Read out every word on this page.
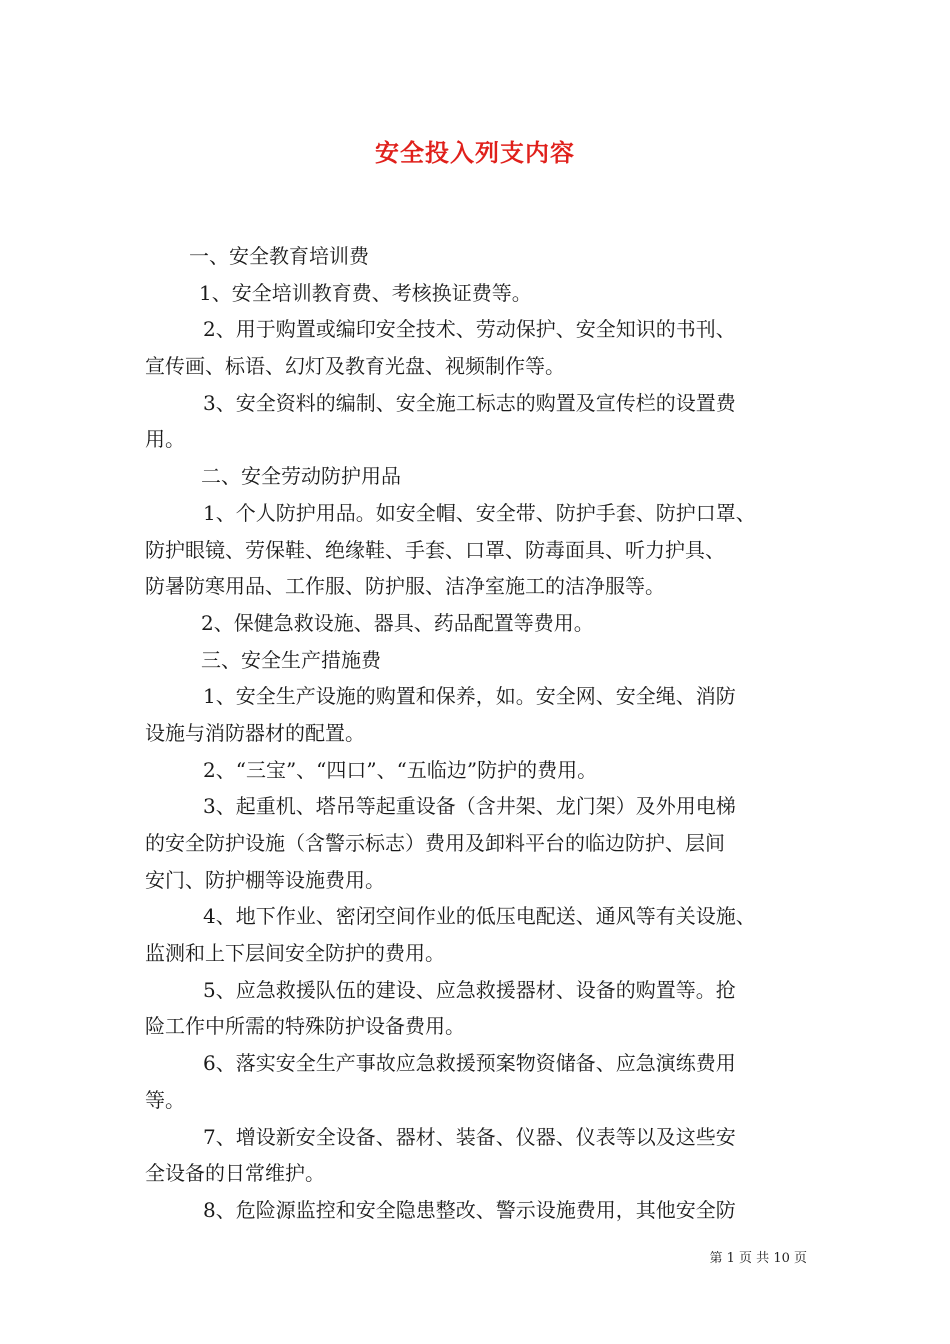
安全投入列支内容
一、安全教育培训费
1、安全培训教育费、考核换证费等。
2、用于购置或编印安全技术、劳动保护、安全知识的书刊、
宣传画、标语、幻灯及教育光盘、视频制作等。
3、安全资料的编制、安全施工标志的购置及宣传栏的设置费
用。
二、安全劳动防护用品
1、个人防护用品。如安全帽、安全带、防护手套、防护口罩、
防护眼镜、劳保鞋、绝缘鞋、手套、口罩、防毒面具、听力护具、
防暑防寒用品、工作服、防护服、洁净室施工的洁净服等。
2、保健急救设施、器具、药品配置等费用。
三、安全生产措施费
1、安全生产设施的购置和保养，如。安全网、安全绳、消防
设施与消防器材的配置。
2、“三宝”、“四口”、“五临边”防护的费用。
3、起重机、塔吊等起重设备（含井架、龙门架）及外用电梯
的安全防护设施（含警示标志）费用及卸料平台的临边防护、层间
安门、防护棚等设施费用。
4、地下作业、密闭空间作业的低压电配送、通风等有关设施、
监测和上下层间安全防护的费用。
5、应急救援队伍的建设、应急救援器材、设备的购置等。抢
险工作中所需的特殊防护设备费用。
6、落实安全生产事故应急救援预案物资储备、应急演练费用
等。
7、增设新安全设备、器材、装备、仪器、仪表等以及这些安
全设备的日常维护。
8、危险源监控和安全隐患整改、警示设施费用，其他安全防
第 1 页 共 10 页
